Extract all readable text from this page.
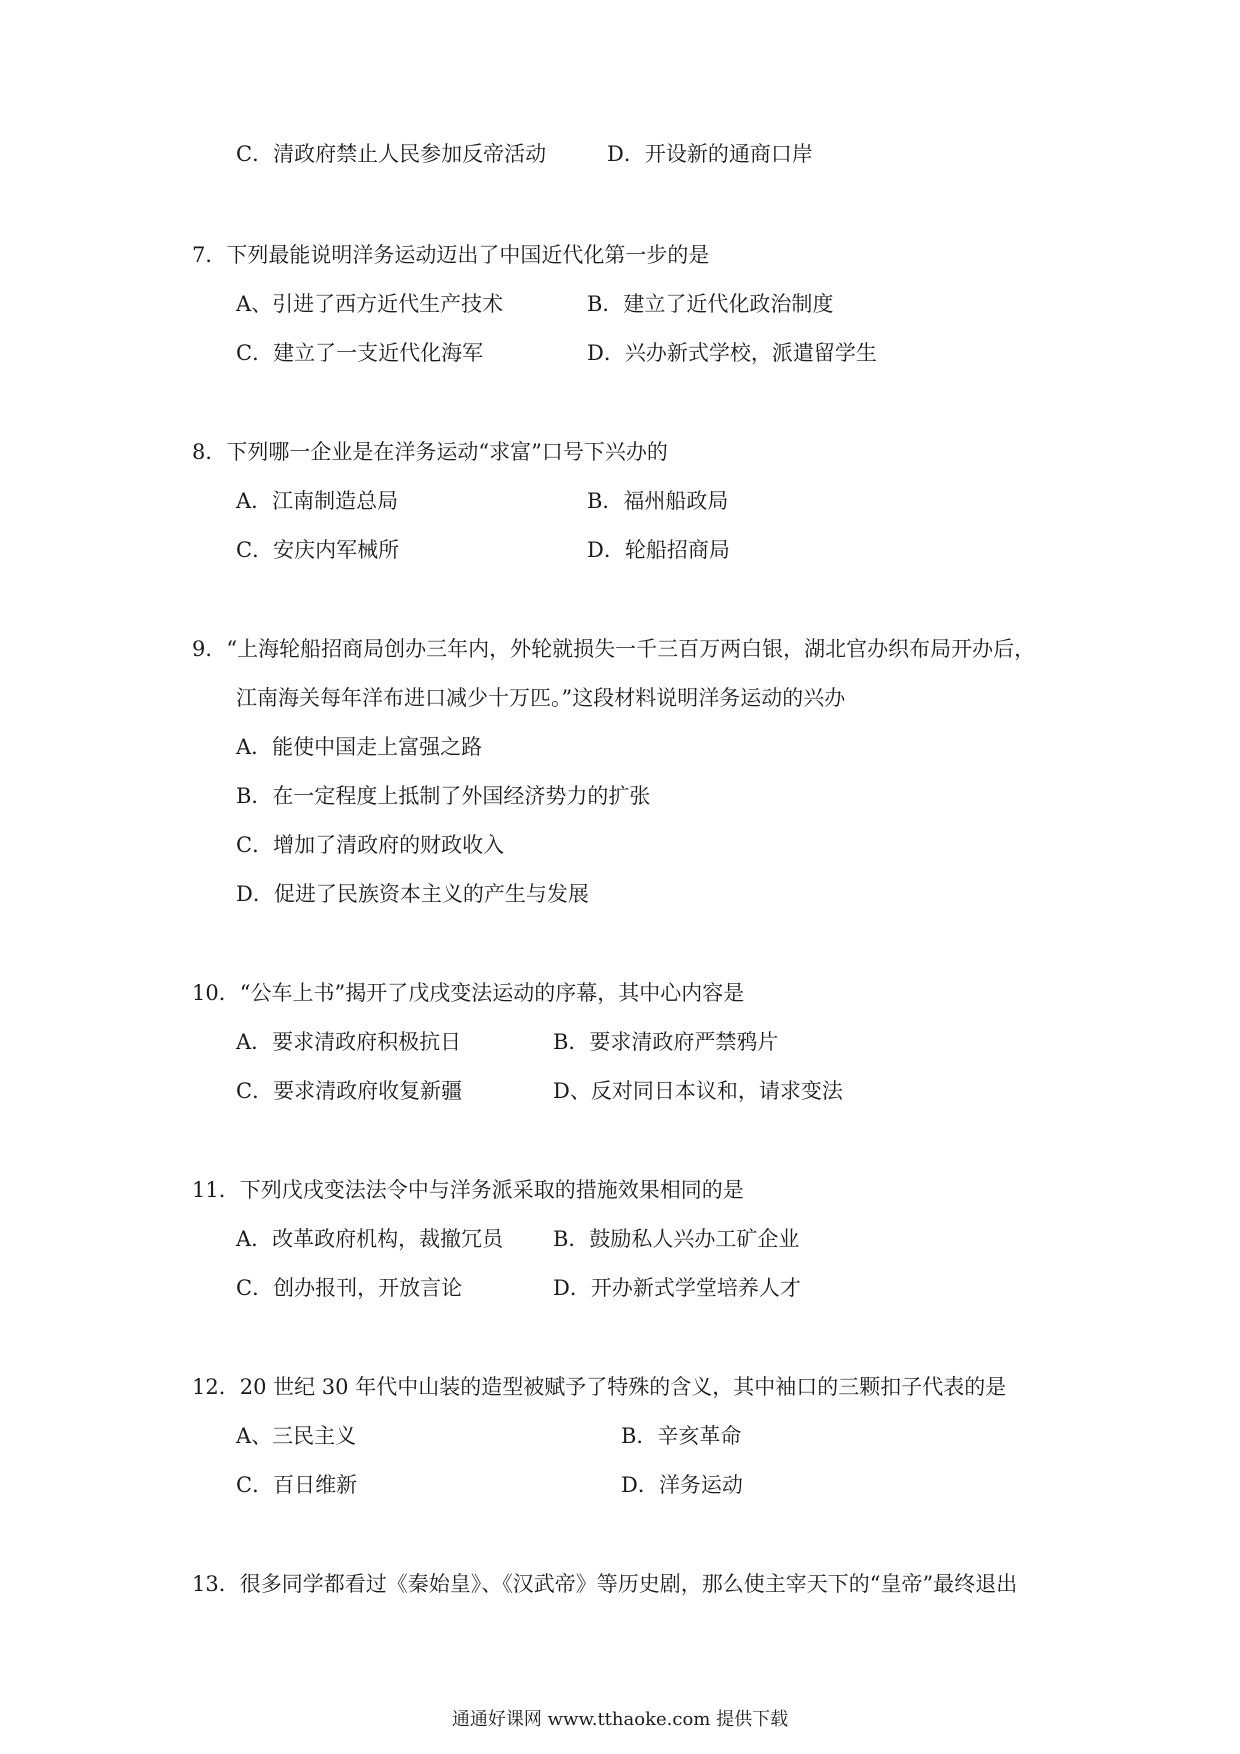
C．清政府禁止人民参加反帝活动	D．开设新的通商口岸
7．下列最能说明洋务运动迈出了中国近代化第一步的是
A、引进了西方近代生产技术	B．建立了近代化政治制度
C．建立了一支近代化海军	D．兴办新式学校，派遣留学生
8．下列哪一企业是在洋务运动“求富”口号下兴办的
A．江南制造总局	B．福州船政局
C．安庆内军械所	D．轮船招商局
9．“上海轮船招商局创办三年内，外轮就损失一千三百万两白银，湖北官办织布局开办后，
江南海关每年洋布进口减少十万匹。”这段材料说明洋务运动的兴办
A．能使中国走上富强之路
B．在一定程度上抵制了外国经济势力的扩张
C．增加了清政府的财政收入
D．促进了民族资本主义的产生与发展
10．“公车上书”揭开了戊戌变法运动的序幕，其中心内容是
A．要求清政府积极抗日	B．要求清政府严禁鸦片
C．要求清政府收复新疆	D、反对同日本议和，请求变法
11．下列戊戌变法法令中与洋务派采取的措施效果相同的是
A．改革政府机构，裁撤冗员 B．鼓励私人兴办工矿企业
C．创办报刊，开放言论	D．开办新式学堂培养人才
12．20 世纪 30 年代中山装的造型被赋予了特殊的含义，其中袖口的三颗扣子代表的是
A、三民主义	B．辛亥革命
C．百日维新	D．洋务运动
13．很多同学都看过《秦始皇》、《汉武帝》等历史剧，那么使主宰天下的“皇帝”最终退出
通通好课网 www.tthaoke.com 提供下载
